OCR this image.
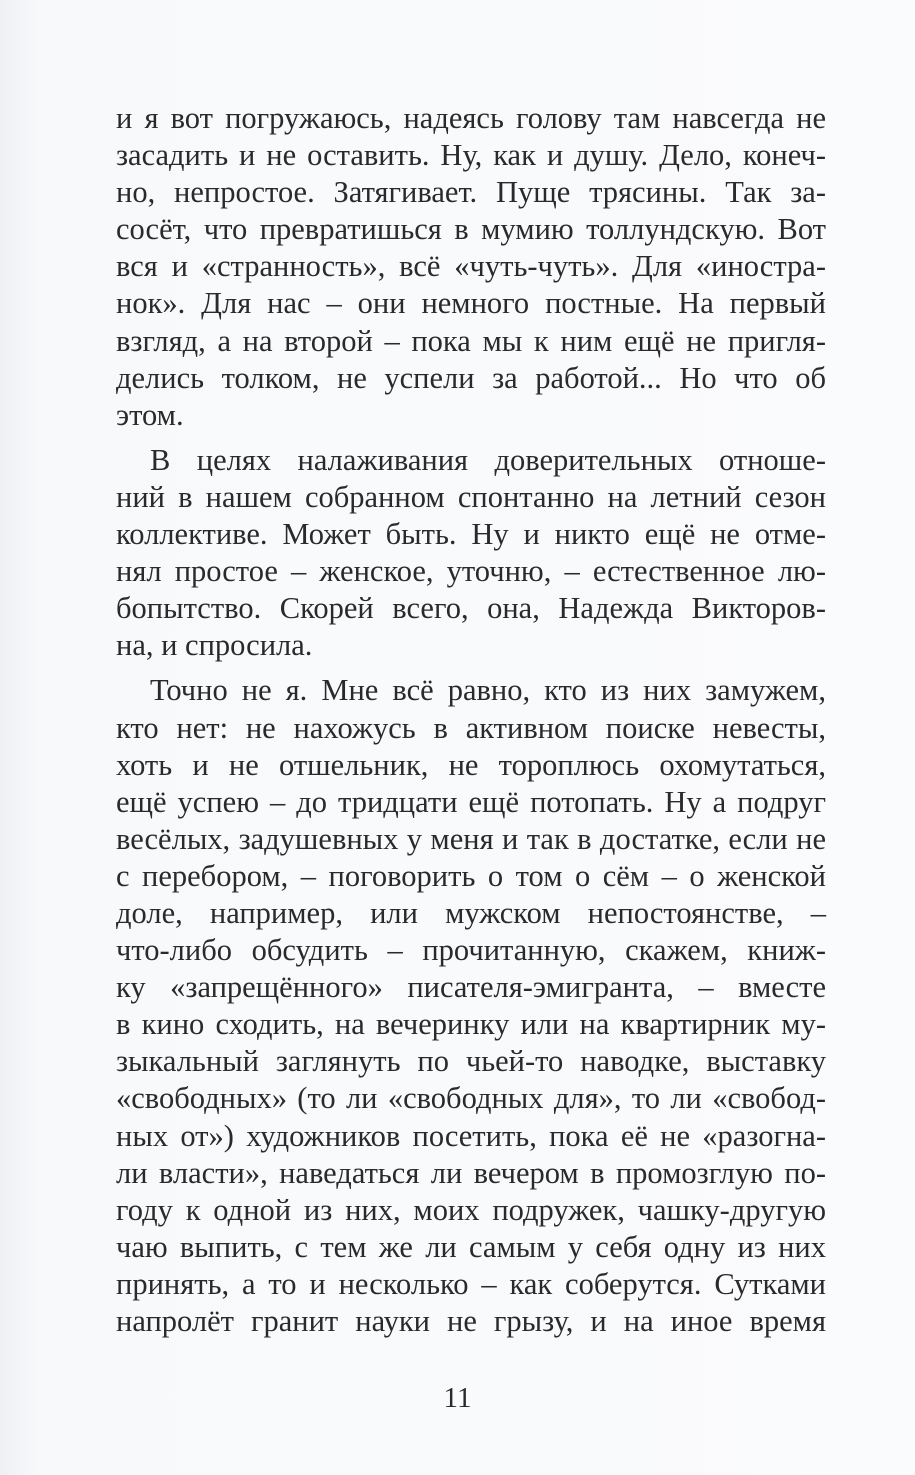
и я вот погружаюсь, надеясь голову там навсегда не
засадить и не оставить. Ну, как и душу. Дело, конеч-
но, непростое. Затягивает. Пуще трясины. Так за-
сосёт, что превратишься в мумию толлундскую. Вот
вся и «странность», всё «чуть-чуть». Для «иностра-
нок». Для нас – они немного постные. На первый
взгляд, а на второй – пока мы к ним ещё не пригля-
делись толком, не успели за работой... Но что об
этом.
В целях налаживания доверительных отноше-
ний в нашем собранном спонтанно на летний сезон
коллективе. Может быть. Ну и никто ещё не отме-
нял простое – женское, уточню, – естественное лю-
бопытство. Скорей всего, она, Надежда Викторов-
на, и спросила.
Точно не я. Мне всё равно, кто из них замужем,
кто нет: не нахожусь в активном поиске невесты,
хоть и не отшельник, не тороплюсь охомутаться,
ещё успею – до тридцати ещё потопать. Ну а подруг
весёлых, задушевных у меня и так в достатке, если не
с перебором, – поговорить о том о сём – о женской
доле, например, или мужском непостоянстве, –
что-либо обсудить – прочитанную, скажем, книж-
ку «запрещённого» писателя-эмигранта, – вместе
в кино сходить, на вечеринку или на квартирник му-
зыкальный заглянуть по чьей-то наводке, выставку
«свободных» (то ли «свободных для», то ли «свобод-
ных от») художников посетить, пока её не «разогна-
ли власти», наведаться ли вечером в промозглую по-
году к одной из них, моих подружек, чашку-другую
чаю выпить, с тем же ли самым у себя одну из них
принять, а то и несколько – как соберутся. Сутками
напролёт гранит науки не грызу, и на иное время
11
